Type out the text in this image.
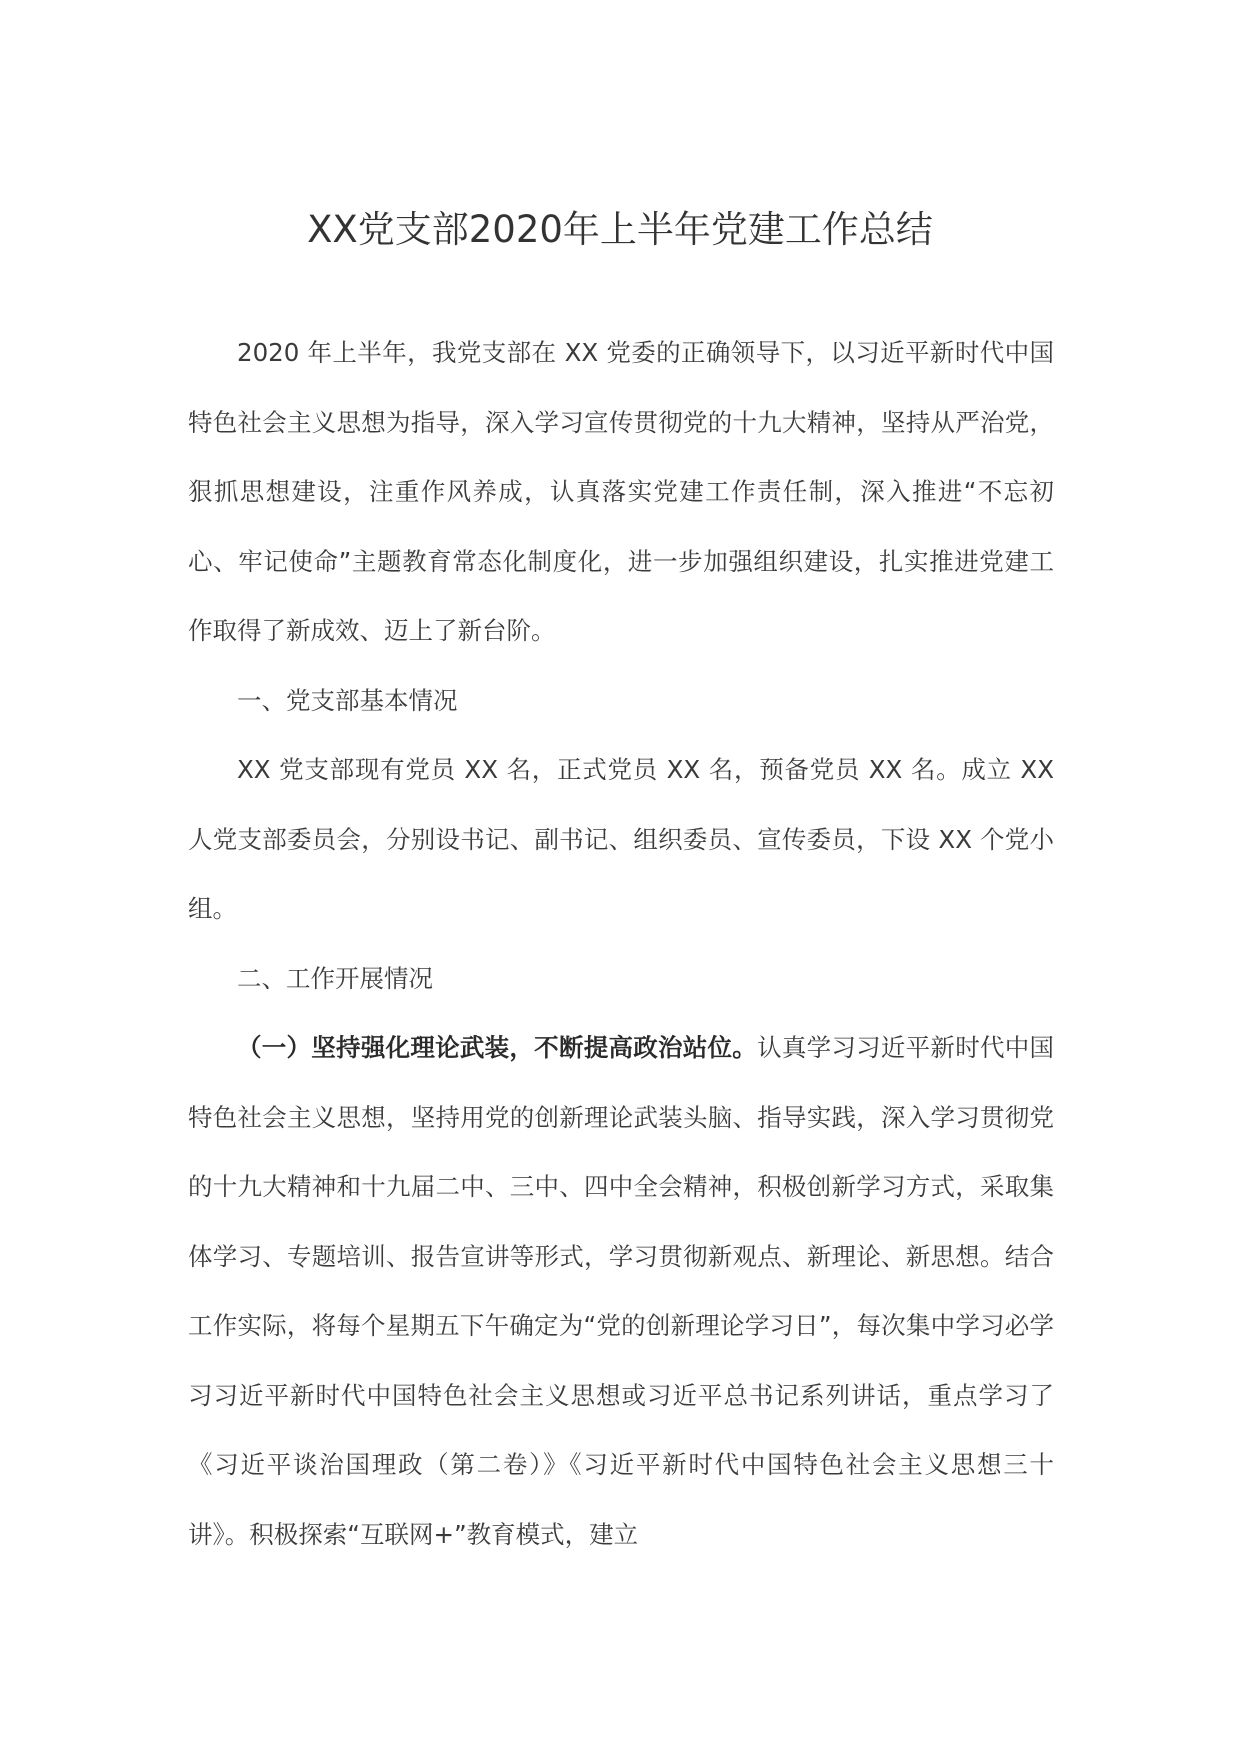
XX党支部2020年上半年党建工作总结

2020 年上半年，我党支部在 XX 党委的正确领导下，以习近平新时代中国特色社会主义思想为指导，深入学习宣传贯彻党的十九大精神，坚持从严治党，狠抓思想建设，注重作风养成，认真落实党建工作责任制，深入推进“不忘初心、牢记使命”主题教育常态化制度化，进一步加强组织建设，扎实推进党建工作取得了新成效、迈上了新台阶。

一、党支部基本情况

XX 党支部现有党员 XX 名，正式党员 XX 名，预备党员 XX 名。成立 XX 人党支部委员会，分别设书记、副书记、组织委员、宣传委员，下设 XX 个党小组。

二、工作开展情况

（一）坚持强化理论武装，不断提高政治站位。认真学习习近平新时代中国特色社会主义思想，坚持用党的创新理论武装头脑、指导实践，深入学习贯彻党的十九大精神和十九届二中、三中、四中全会精神，积极创新学习方式，采取集体学习、专题培训、报告宣讲等形式，学习贯彻新观点、新理论、新思想。结合工作实际，将每个星期五下午确定为“党的创新理论学习日”，每次集中学习必学习习近平新时代中国特色社会主义思想或习近平总书记系列讲话，重点学习了《习近平谈治国理政（第二卷）》《习近平新时代中国特色社会主义思想三十讲》。积极探索“互联网+”教育模式，建立
